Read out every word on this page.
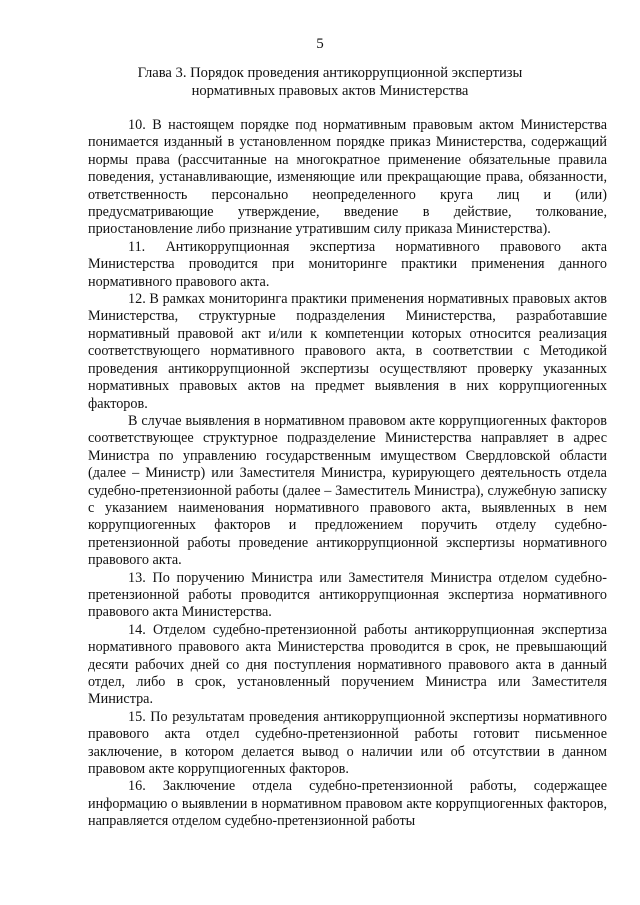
5
Глава 3. Порядок проведения антикоррупционной экспертизы
нормативных правовых актов Министерства

10. В настоящем порядке под нормативным правовым актом Министерства понимается изданный в установленном порядке приказ Министерства, содержащий нормы права (рассчитанные на многократное применение обязательные правила поведения, устанавливающие, изменяющие или прекращающие права, обязанности, ответственность персонально неопределенного круга лиц и (или) предусматривающие утверждение, введение в действие, толкование, приостановление либо признание утратившим силу приказа Министерства).

11. Антикоррупционная экспертиза нормативного правового акта Министерства проводится при мониторинге практики применения данного нормативного правового акта.

12. В рамках мониторинга практики применения нормативных правовых актов Министерства, структурные подразделения Министерства, разработавшие нормативный правовой акт и/или к компетенции которых относится реализация соответствующего нормативного правового акта, в соответствии с Методикой проведения антикоррупционной экспертизы осуществляют проверку указанных нормативных правовых актов на предмет выявления в них коррупциогенных факторов.

В случае выявления в нормативном правовом акте коррупциогенных факторов соответствующее структурное подразделение Министерства направляет в адрес Министра по управлению государственным имуществом Свердловской области (далее – Министр) или Заместителя Министра, курирующего деятельность отдела судебно-претензионной работы (далее – Заместитель Министра), служебную записку с указанием наименования нормативного правового акта, выявленных в нем коррупциогенных факторов и предложением поручить отделу судебно-претензионной работы проведение антикоррупционной экспертизы нормативного правового акта.

13. По поручению Министра или Заместителя Министра отделом судебно-претензионной работы проводится антикоррупционная экспертиза нормативного правового акта Министерства.

14. Отделом судебно-претензионной работы антикоррупционная экспертиза нормативного правового акта Министерства проводится в срок, не превышающий десяти рабочих дней со дня поступления нормативного правового акта в данный отдел, либо в срок, установленный поручением Министра или Заместителя Министра.

15. По результатам проведения антикоррупционной экспертизы нормативного правового акта отдел судебно-претензионной работы готовит письменное заключение, в котором делается вывод о наличии или об отсутствии в данном правовом акте коррупциогенных факторов.

16. Заключение отдела судебно-претензионной работы, содержащее информацию о выявлении в нормативном правовом акте коррупциогенных факторов, направляется отделом судебно-претензионной работы
